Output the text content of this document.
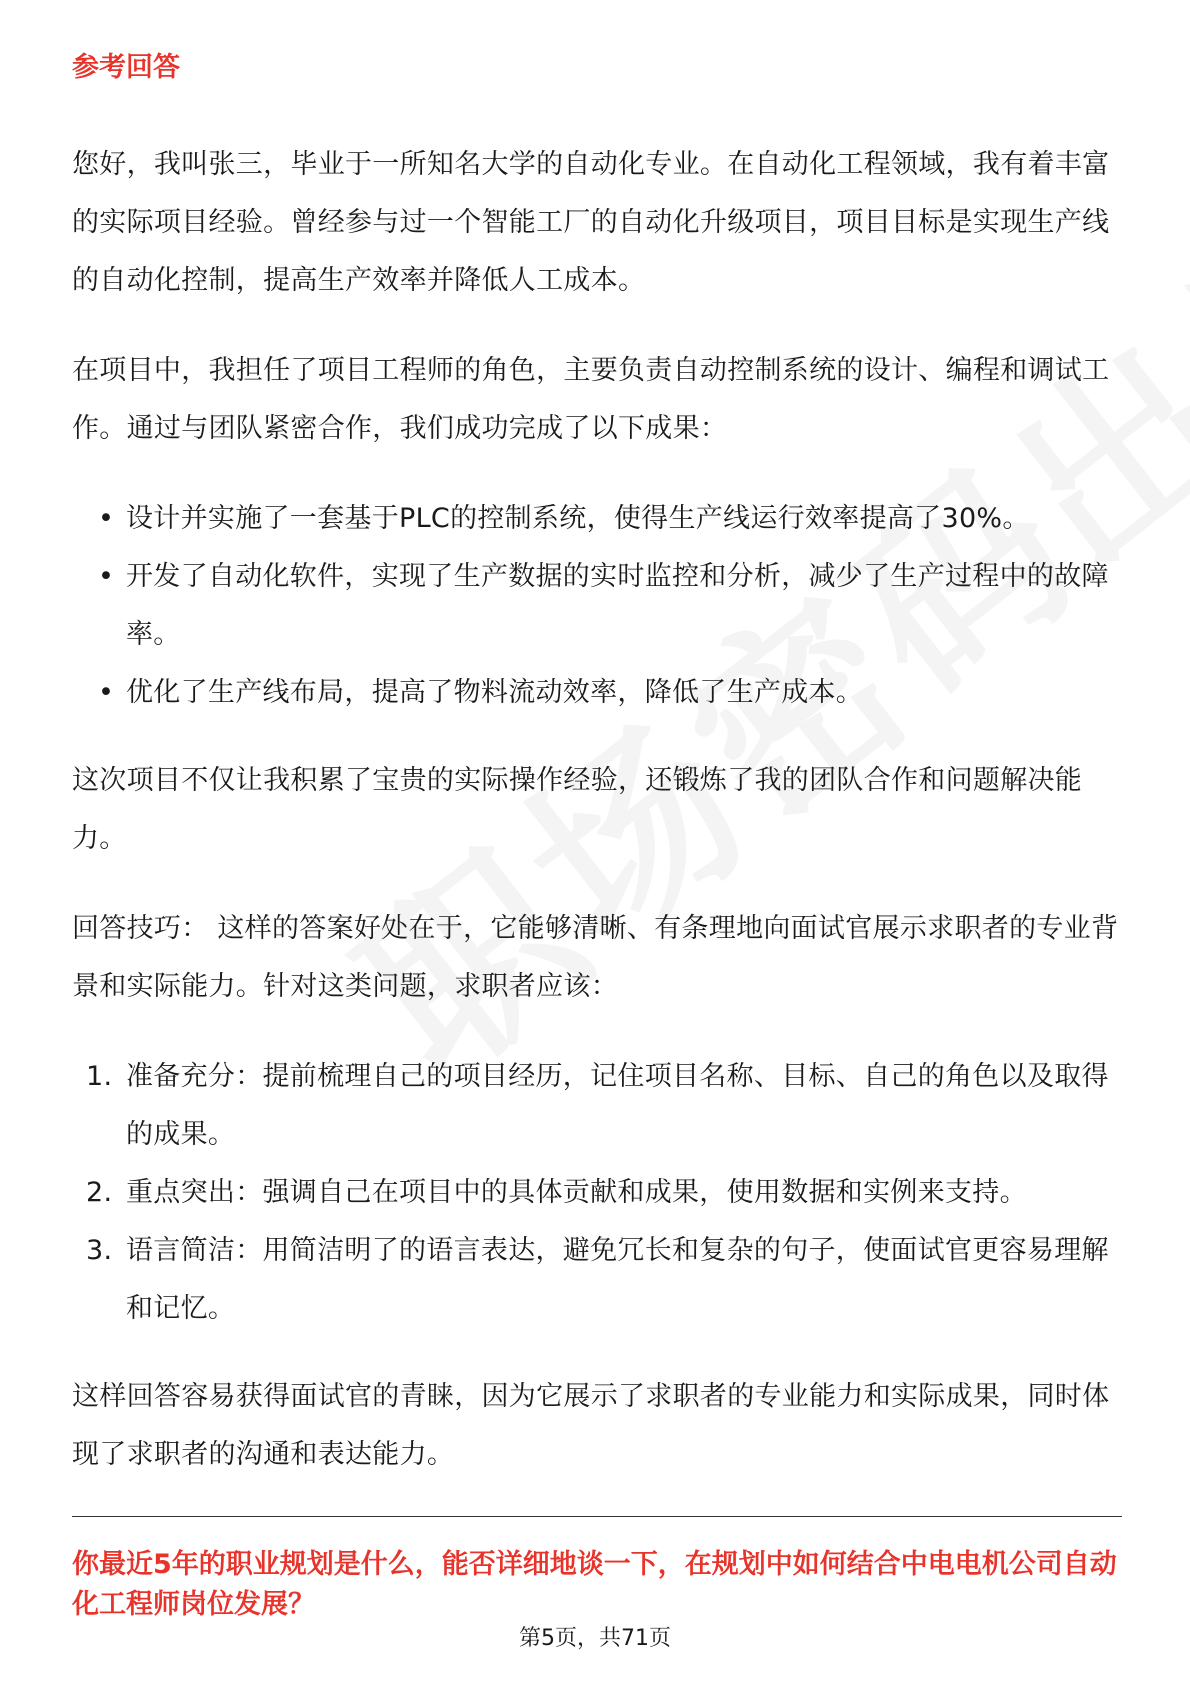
参考回答

您好，我叫张三，毕业于一所知名大学的自动化专业。在自动化工程领域，我有着丰富的实际项目经验。曾经参与过一个智能工厂的自动化升级项目，项目目标是实现生产线的自动化控制，提高生产效率并降低人工成本。

在项目中，我担任了项目工程师的角色，主要负责自动控制系统的设计、编程和调试工作。通过与团队紧密合作，我们成功完成了以下成果：

• 设计并实施了一套基于PLC的控制系统，使得生产线运行效率提高了30%。
• 开发了自动化软件，实现了生产数据的实时监控和分析，减少了生产过程中的故障率。
• 优化了生产线布局，提高了物料流动效率，降低了生产成本。

这次项目不仅让我积累了宝贵的实际操作经验，还锻炼了我的团队合作和问题解决能力。

回答技巧： 这样的答案好处在于，它能够清晰、有条理地向面试官展示求职者的专业背景和实际能力。针对这类问题，求职者应该：

1. 准备充分：提前梳理自己的项目经历，记住项目名称、目标、自己的角色以及取得的成果。
2. 重点突出：强调自己在项目中的具体贡献和成果，使用数据和实例来支持。
3. 语言简洁：用简洁明了的语言表达，避免冗长和复杂的句子，使面试官更容易理解和记忆。

这样回答容易获得面试官的青睐，因为它展示了求职者的专业能力和实际成果，同时体现了求职者的沟通和表达能力。

你最近5年的职业规划是什么，能否详细地谈一下，在规划中如何结合中电电机公司自动化工程师岗位发展？
第5页，共71页
